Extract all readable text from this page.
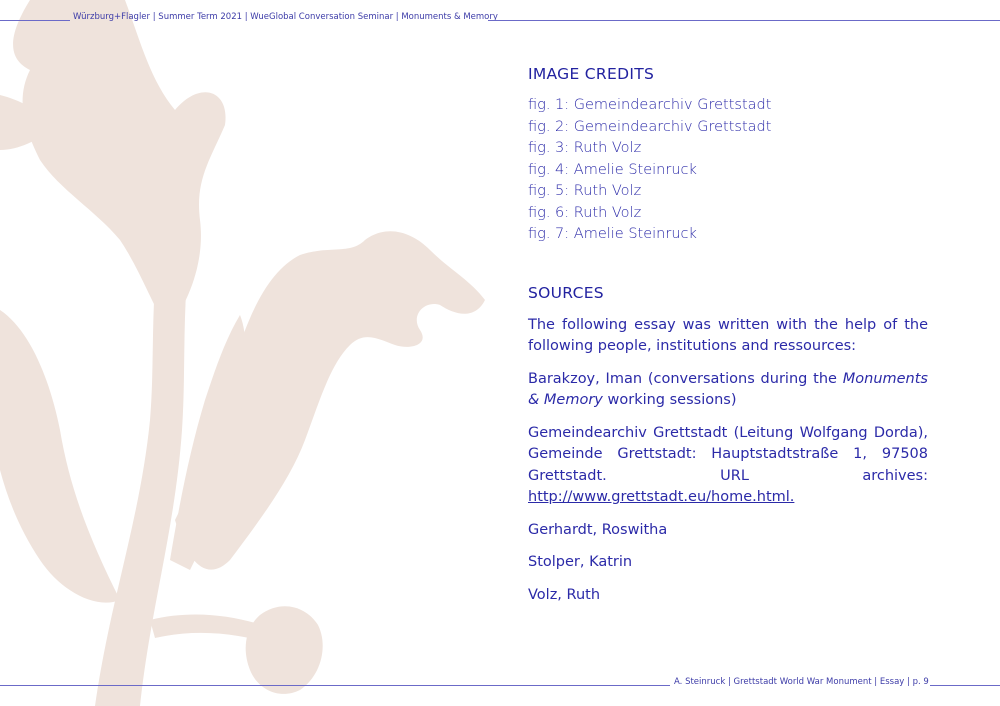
Würzburg+Flagler | Summer Term 2021 | WueGlobal Conversation Seminar | Monuments & Memory
IMAGE CREDITS
fig. 1: Gemeindearchiv Grettstadt
fig. 2: Gemeindearchiv Grettstadt
fig. 3: Ruth Volz
fig. 4: Amelie Steinruck
fig. 5: Ruth Volz
fig. 6: Ruth Volz
fig. 7: Amelie Steinruck
SOURCES
The following essay was written with the help of the following people, institutions and ressources:
Barakzoy, Iman (conversations during the Monuments & Memory working sessions)
Gemeindearchiv Grettstadt (Leitung Wolfgang Dorda), Gemeinde Grettstadt: Hauptstadtstraße 1, 97508 Grettstadt. URL archives: http://www.grettstadt.eu/home.html.
Gerhardt, Roswitha
Stolper, Katrin
Volz, Ruth
A. Steinruck | Grettstadt World War Monument | Essay | p. 9
